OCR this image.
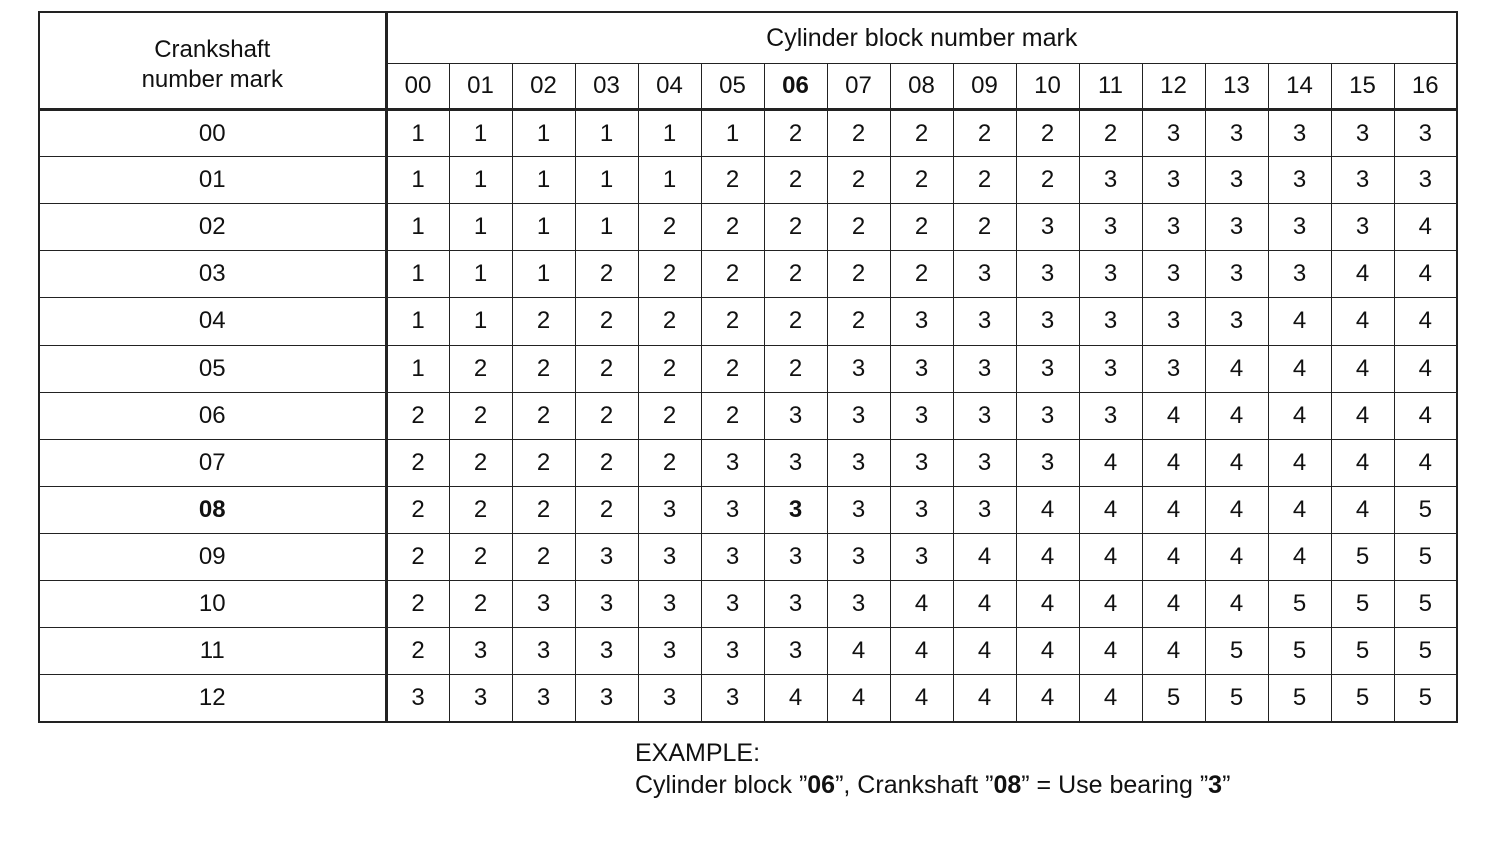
Crankshaft
number mark	Cylinder block number mark																
	00	01	02	03	04	05	06	07	08	09	10	11	12	13	14	15	16
00	1	1	1	1	1	1	2	2	2	2	2	2	3	3	3	3	3
01	1	1	1	1	1	2	2	2	2	2	2	3	3	3	3	3	3
02	1	1	1	1	2	2	2	2	2	2	3	3	3	3	3	3	4
03	1	1	1	2	2	2	2	2	2	3	3	3	3	3	3	4	4
04	1	1	2	2	2	2	2	2	3	3	3	3	3	3	4	4	4
05	1	2	2	2	2	2	2	3	3	3	3	3	3	4	4	4	4
06	2	2	2	2	2	2	3	3	3	3	3	3	4	4	4	4	4
07	2	2	2	2	2	3	3	3	3	3	3	4	4	4	4	4	4
08	2	2	2	2	3	3	3	3	3	3	4	4	4	4	4	4	5
09	2	2	2	3	3	3	3	3	3	4	4	4	4	4	4	5	5
10	2	2	3	3	3	3	3	3	4	4	4	4	4	4	5	5	5
11	2	3	3	3	3	3	3	4	4	4	4	4	4	5	5	5	5
12	3	3	3	3	3	3	4	4	4	4	4	4	5	5	5	5	5
EXAMPLE:
Cylinder block ”06”, Crankshaft ”08” = Use bearing ”3”
